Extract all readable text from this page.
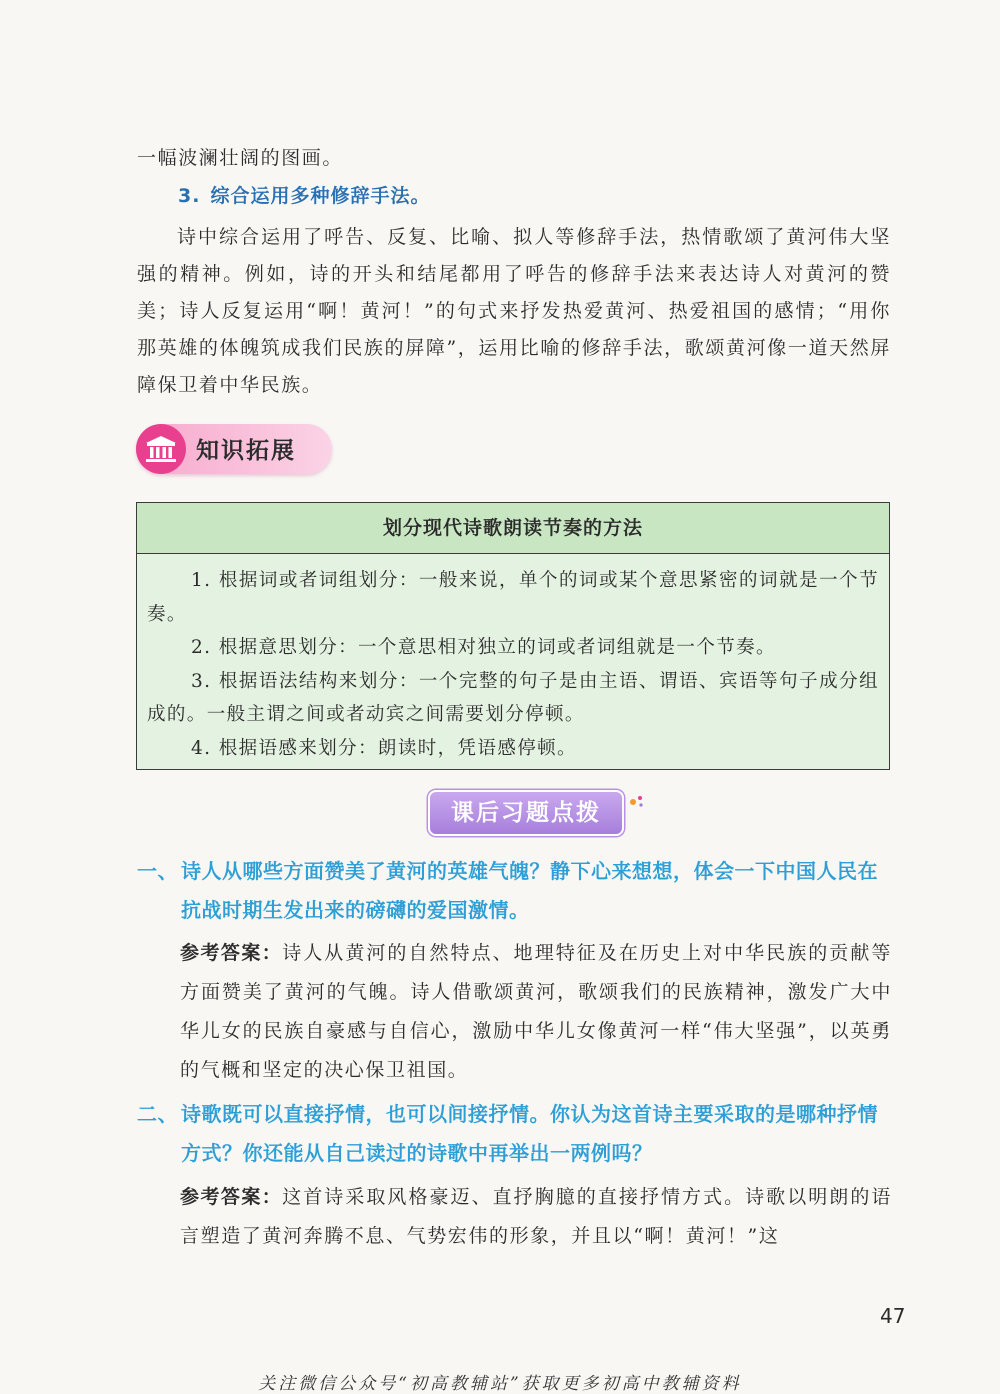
一幅波澜壮阔的图画。

3. 综合运用多种修辞手法。

诗中综合运用了呼告、反复、比喻、拟人等修辞手法，热情歌颂了黄河伟大坚强的精神。例如，诗的开头和结尾都用了呼告的修辞手法来表达诗人对黄河的赞美；诗人反复运用“啊！黄河！”的句式来抒发热爱黄河、热爱祖国的感情；“用你那英雄的体魄筑成我们民族的屏障”，运用比喻的修辞手法，歌颂黄河像一道天然屏障保卫着中华民族。

知识拓展
划分现代诗歌朗读节奏的方法

1. 根据词或者词组划分：一般来说，单个的词或某个意思紧密的词就是一个节奏。

2. 根据意思划分：一个意思相对独立的词或者词组就是一个节奏。

3. 根据语法结构来划分：一个完整的句子是由主语、谓语、宾语等句子成分组成的。一般主谓之间或者动宾之间需要划分停顿。

4. 根据语感来划分：朗读时，凭语感停顿。

课后习题点拨
一、 诗人从哪些方面赞美了黄河的英雄气魄？静下心来想想，体会一下中国人民在抗战时期生发出来的磅礴的爱国激情。
参考答案：诗人从黄河的自然特点、地理特征及在历史上对中华民族的贡献等方面赞美了黄河的气魄。诗人借歌颂黄河，歌颂我们的民族精神，激发广大中华儿女的民族自豪感与自信心，激励中华儿女像黄河一样“伟大坚强”，以英勇的气概和坚定的决心保卫祖国。
二、 诗歌既可以直接抒情，也可以间接抒情。你认为这首诗主要采取的是哪种抒情方式？你还能从自己读过的诗歌中再举出一两例吗？
参考答案：这首诗采取风格豪迈、直抒胸臆的直接抒情方式。诗歌以明朗的语言塑造了黄河奔腾不息、气势宏伟的形象，并且以“啊！黄河！”这
47
关注微信公众号“初高教辅站”获取更多初高中教辅资料
